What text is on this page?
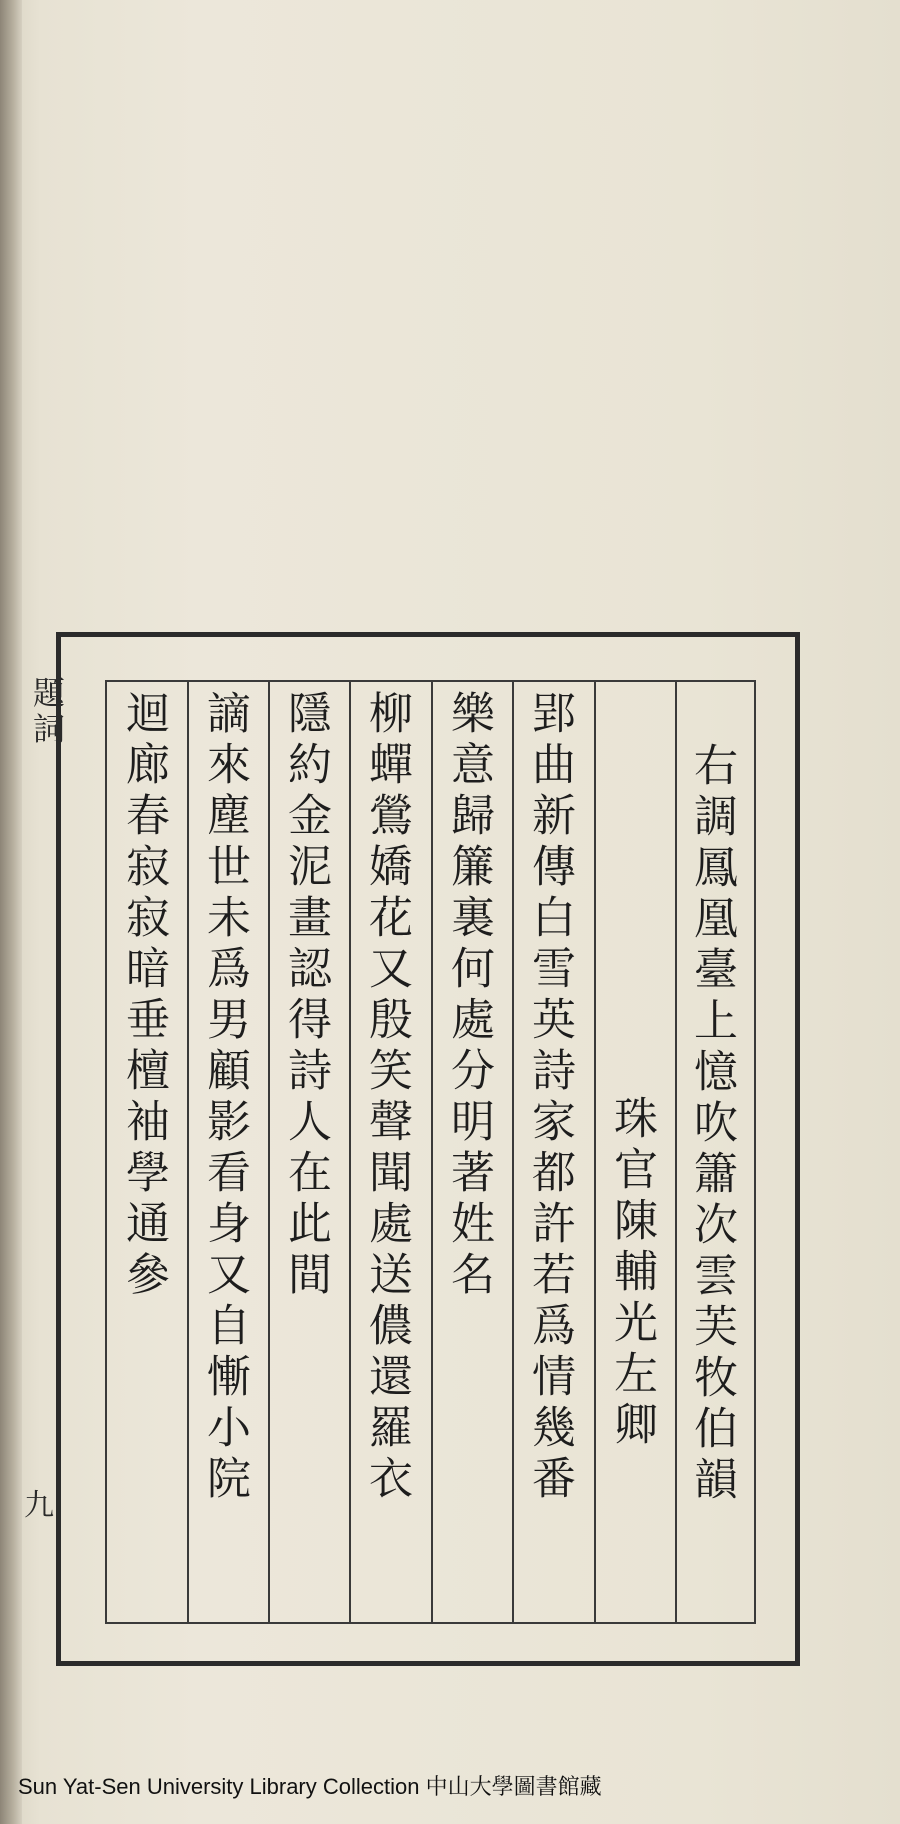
題詞
九	右調鳳凰臺上憶吹簫次雲芙牧伯韻
珠官陳輔光左卿
郢曲新傳白雪英詩家都許若爲情幾番
樂意歸簾裏何處分明著姓名
柳蟬鶯嬌花又殷笑聲聞處送儂還羅衣
隱約金泥畫認得詩人在此間
謫來塵世未爲男顧影看身又自慚小院
迴廊春寂寂暗垂檀袖學通參
Sun Yat-Sen University Library Collection 中山大學圖書館藏
